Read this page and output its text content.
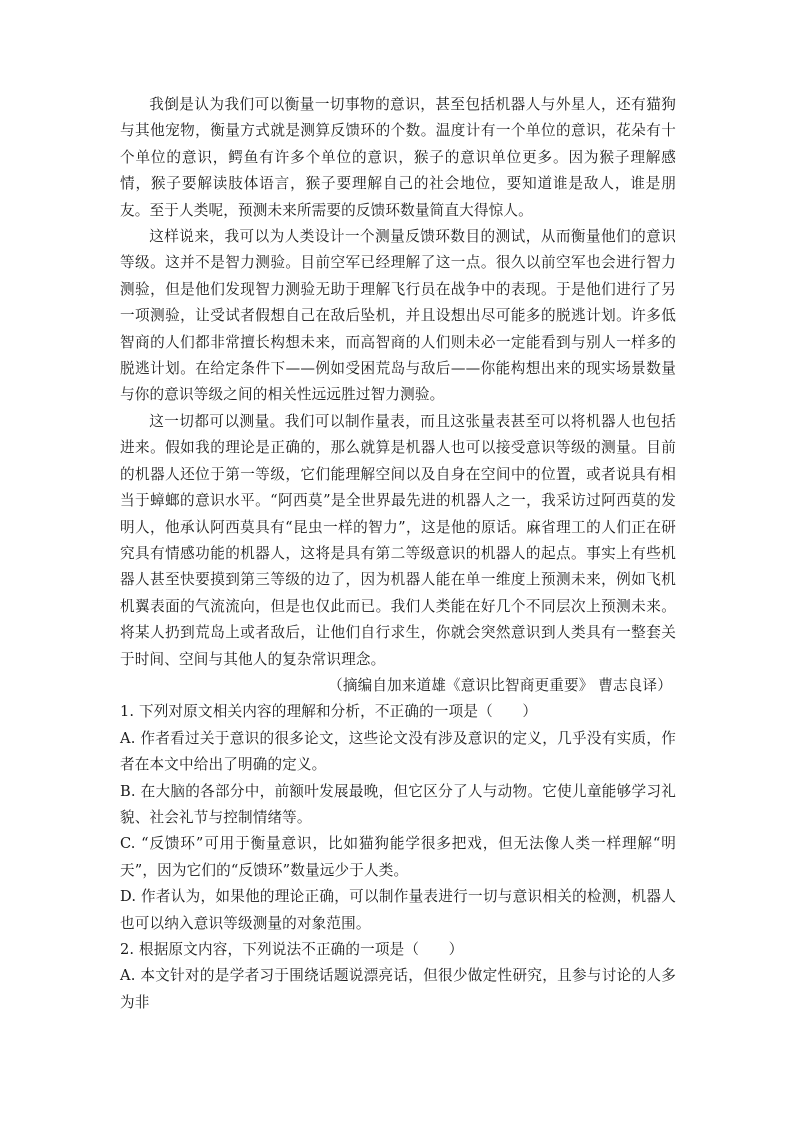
我倒是认为我们可以衡量一切事物的意识，甚至包括机器人与外星人，还有猫狗与其他宠物，衡量方式就是测算反馈环的个数。温度计有一个单位的意识，花朵有十个单位的意识，鳄鱼有许多个单位的意识，猴子的意识单位更多。因为猴子理解感情，猴子要解读肢体语言，猴子要理解自己的社会地位，要知道谁是敌人，谁是朋友。至于人类呢，预测未来所需要的反馈环数量简直大得惊人。

这样说来，我可以为人类设计一个测量反馈环数目的测试，从而衡量他们的意识等级。这并不是智力测验。目前空军已经理解了这一点。很久以前空军也会进行智力测验，但是他们发现智力测验无助于理解飞行员在战争中的表现。于是他们进行了另一项测验，让受试者假想自己在敌后坠机，并且设想出尽可能多的脱逃计划。许多低智商的人们都非常擅长构想未来，而高智商的人们则未必一定能看到与别人一样多的脱逃计划。在给定条件下——例如受困荒岛与敌后——你能构想出来的现实场景数量与你的意识等级之间的相关性远远胜过智力测验。

这一切都可以测量。我们可以制作量表，而且这张量表甚至可以将机器人也包括进来。假如我的理论是正确的，那么就算是机器人也可以接受意识等级的测量。目前的机器人还位于第一等级，它们能理解空间以及自身在空间中的位置，或者说具有相当于蟑螂的意识水平。“阿西莫”是全世界最先进的机器人之一，我采访过阿西莫的发明人，他承认阿西莫具有“昆虫一样的智力”，这是他的原话。麻省理工的人们正在研究具有情感功能的机器人，这将是具有第二等级意识的机器人的起点。事实上有些机器人甚至快要摸到第三等级的边了，因为机器人能在单一维度上预测未来，例如飞机机翼表面的气流流向，但是也仅此而已。我们人类能在好几个不同层次上预测未来。将某人扔到荒岛上或者敌后，让他们自行求生，你就会突然意识到人类具有一整套关于时间、空间与其他人的复杂常识理念。

（摘编自加来道雄《意识比智商更重要》 曹志良译）

1. 下列对原文相关内容的理解和分析，不正确的一项是（　　）

A. 作者看过关于意识的很多论文，这些论文没有涉及意识的定义，几乎没有实质，作者在本文中给出了明确的定义。

B. 在大脑的各部分中，前额叶发展最晚，但它区分了人与动物。它使儿童能够学习礼貌、社会礼节与控制情绪等。

C. “反馈环”可用于衡量意识，比如猫狗能学很多把戏，但无法像人类一样理解“明天”，因为它们的“反馈环”数量远少于人类。

D. 作者认为，如果他的理论正确，可以制作量表进行一切与意识相关的检测，机器人也可以纳入意识等级测量的对象范围。

2. 根据原文内容，下列说法不正确的一项是（　　）

A. 本文针对的是学者习于围绕话题说漂亮话，但很少做定性研究，且参与讨论的人多为非
